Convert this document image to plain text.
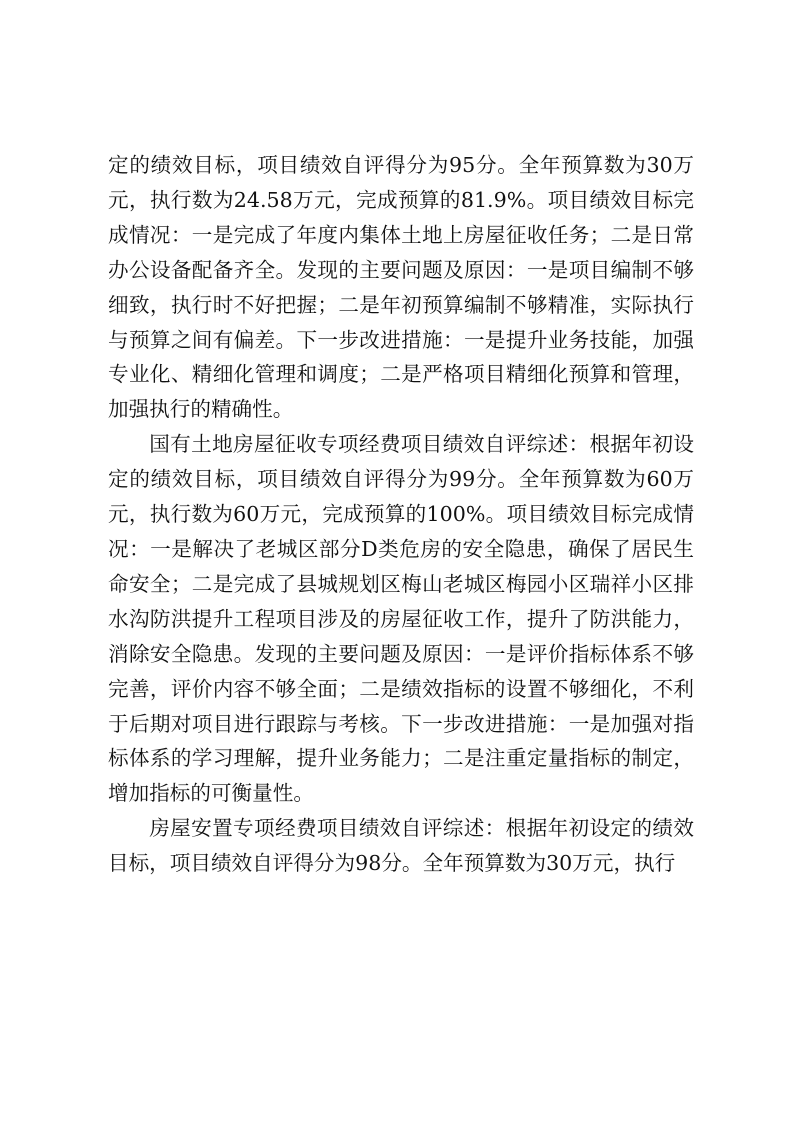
定的绩效目标，项目绩效自评得分为95分。全年预算数为30万元，执行数为24.58万元，完成预算的81.9%。项目绩效目标完成情况：一是完成了年度内集体土地上房屋征收任务；二是日常办公设备配备齐全。发现的主要问题及原因：一是项目编制不够细致，执行时不好把握；二是年初预算编制不够精准，实际执行与预算之间有偏差。下一步改进措施：一是提升业务技能，加强专业化、精细化管理和调度；二是严格项目精细化预算和管理，加强执行的精确性。

国有土地房屋征收专项经费项目绩效自评综述：根据年初设定的绩效目标，项目绩效自评得分为99分。全年预算数为60万元，执行数为60万元，完成预算的100%。项目绩效目标完成情况：一是解决了老城区部分D类危房的安全隐患，确保了居民生命安全；二是完成了县城规划区梅山老城区梅园小区瑞祥小区排水沟防洪提升工程项目涉及的房屋征收工作，提升了防洪能力，消除安全隐患。发现的主要问题及原因：一是评价指标体系不够完善，评价内容不够全面；二是绩效指标的设置不够细化，不利于后期对项目进行跟踪与考核。下一步改进措施：一是加强对指标体系的学习理解，提升业务能力；二是注重定量指标的制定，增加指标的可衡量性。

房屋安置专项经费项目绩效自评综述：根据年初设定的绩效目标，项目绩效自评得分为98分。全年预算数为30万元，执行
